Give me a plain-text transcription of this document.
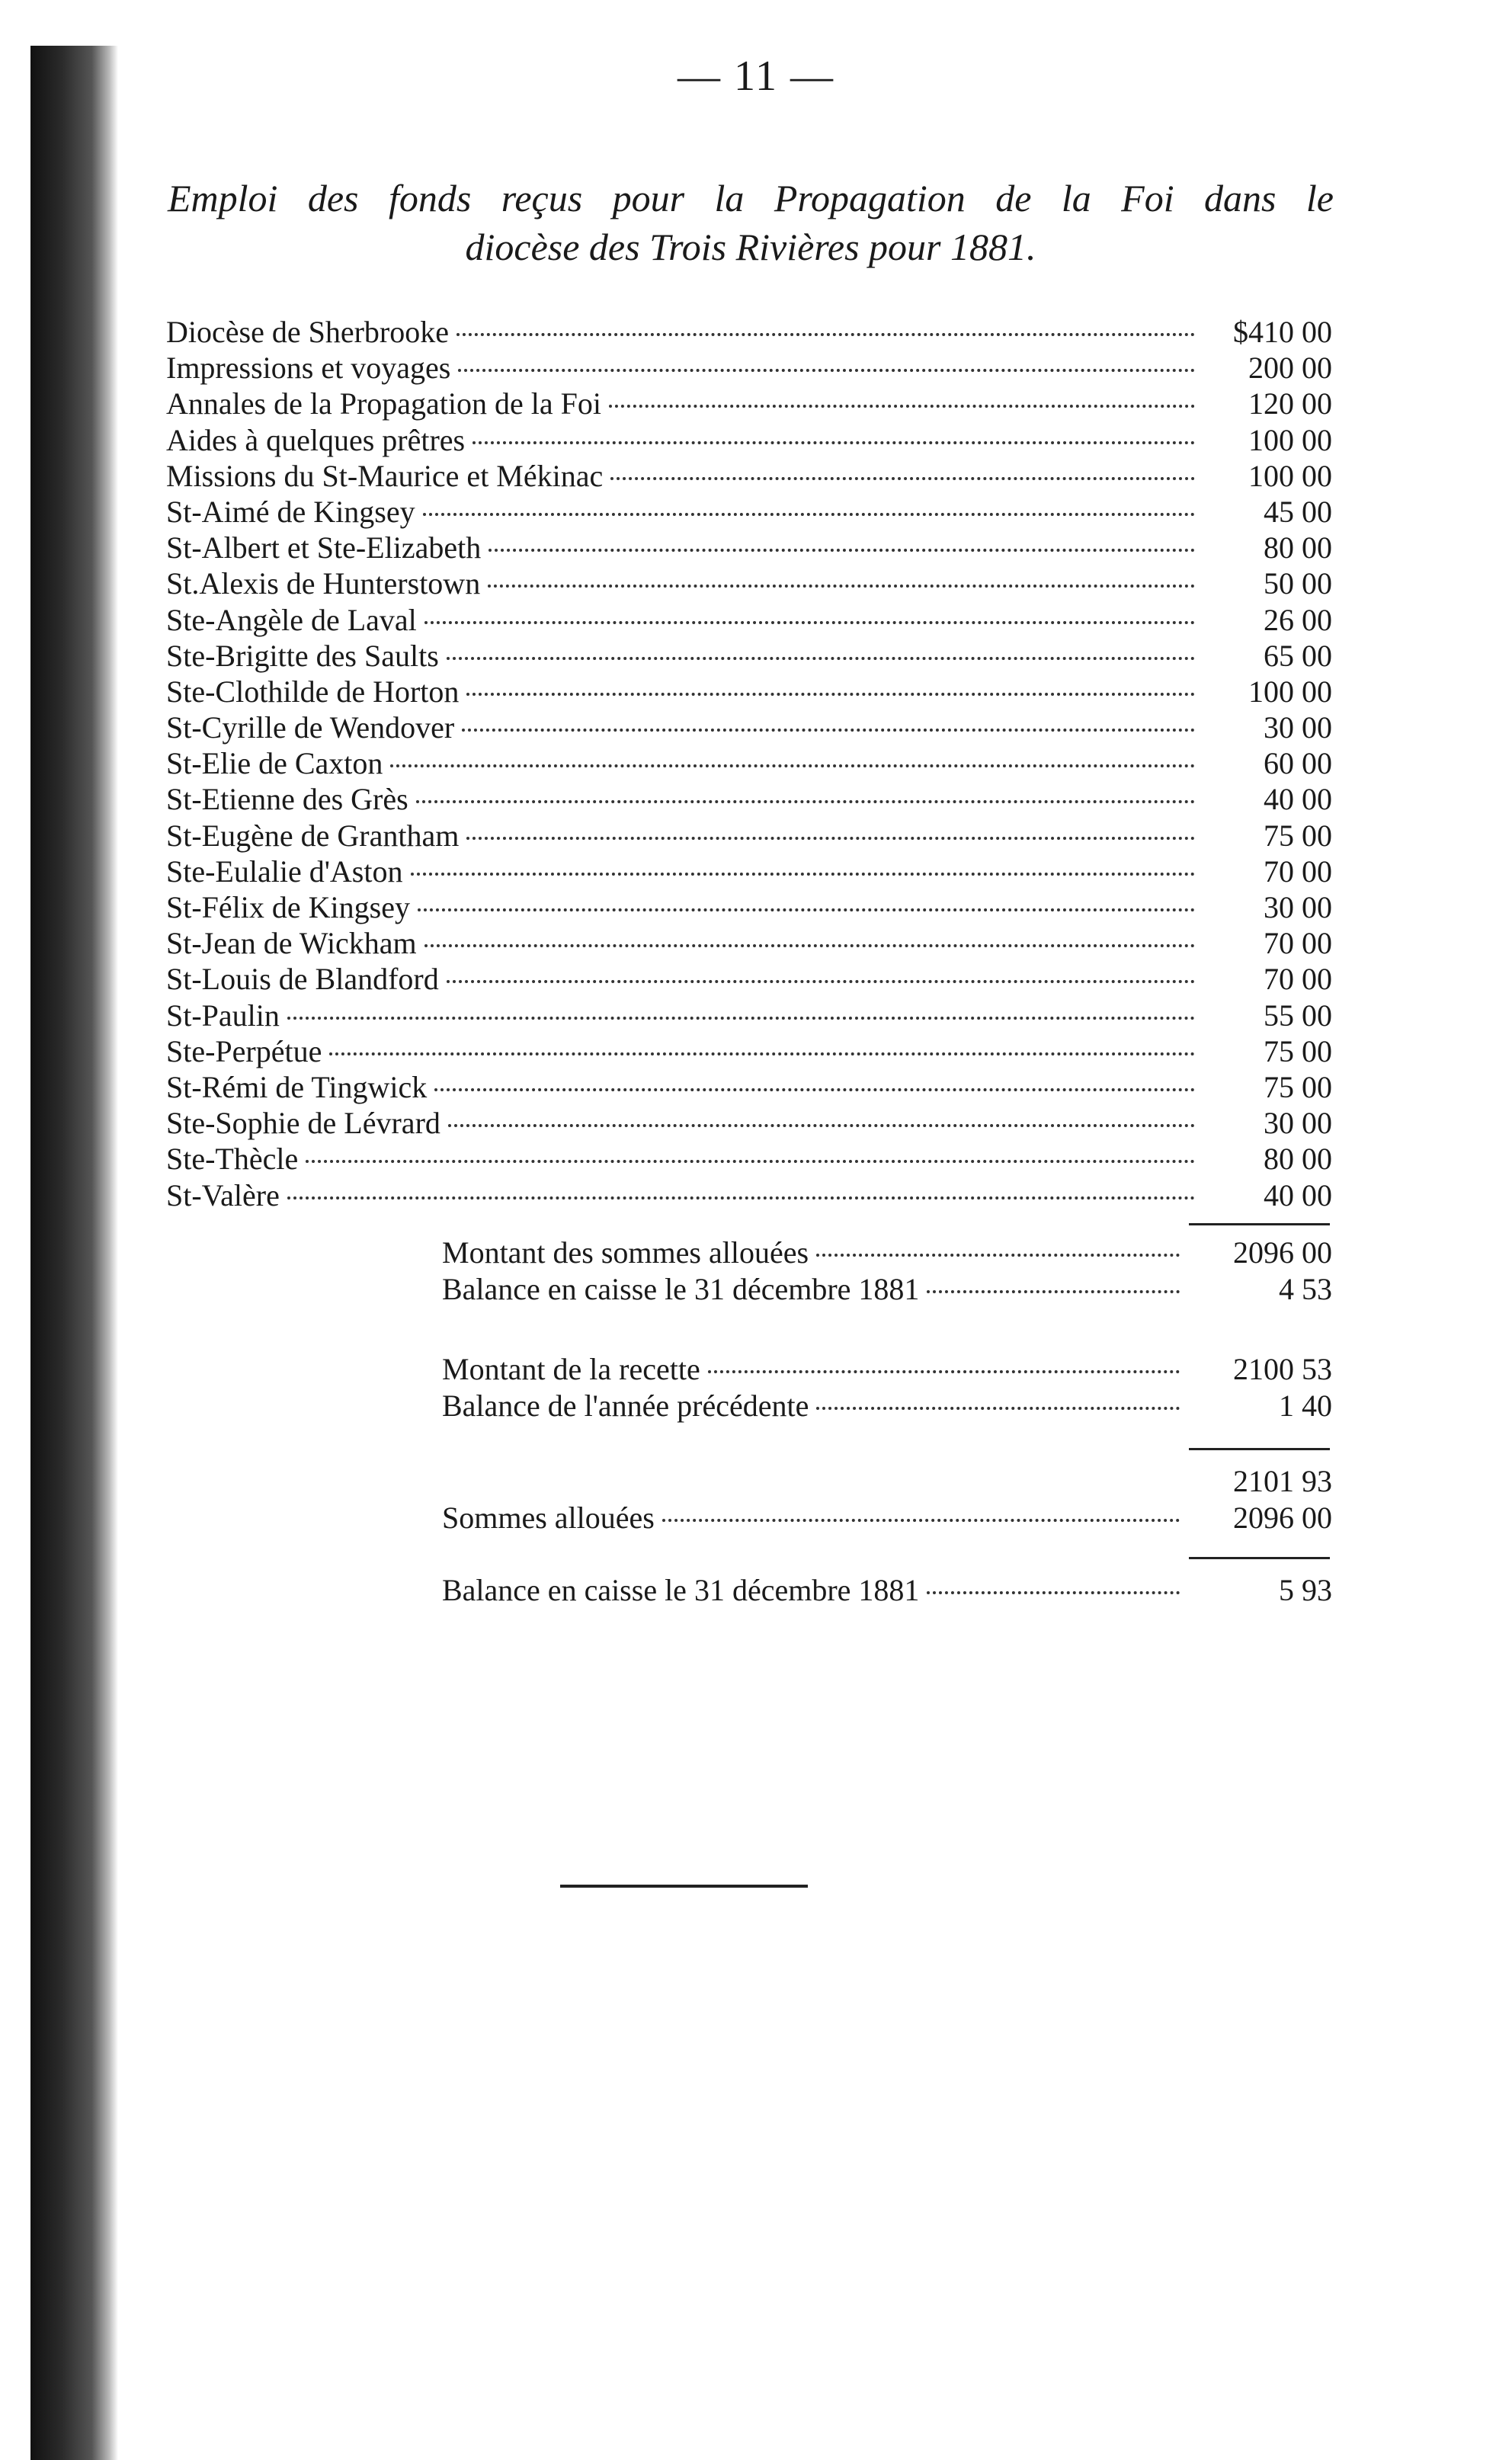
— 11 —
Emploi des fonds reçus pour la Propagation de la Foi dans le
diocèse des Trois Rivières pour 1881.
Diocèse de Sherbrooke	$410 00
Impressions et voyages	200 00
Annales de la Propagation de la Foi	120 00
Aides à quelques prêtres	100 00
Missions du St-Maurice et Mékinac	100 00
St-Aimé de Kingsey	45 00
St-Albert et Ste-Elizabeth	80 00
St.Alexis de Hunterstown	50 00
Ste-Angèle de Laval	26 00
Ste-Brigitte des Saults	65 00
Ste-Clothilde de Horton	100 00
St-Cyrille de Wendover	30 00
St-Elie de Caxton	60 00
St-Etienne des Grès	40 00
St-Eugène de Grantham	75 00
Ste-Eulalie d'Aston	70 00
St-Félix de Kingsey	30 00
St-Jean de Wickham	70 00
St-Louis de Blandford	70 00
St-Paulin	55 00
Ste-Perpétue	75 00
St-Rémi de Tingwick	75 00
Ste-Sophie de Lévrard	30 00
Ste-Thècle	80 00
St-Valère	40 00
Montant des sommes allouées	2096 00
Balance en caisse le 31 décembre 1881	4 53
Montant de la recette	2100 53
Balance de l'année précédente	1 40
2101 93
Sommes allouées	2096 00
Balance en caisse le 31 décembre 1881	5 93
